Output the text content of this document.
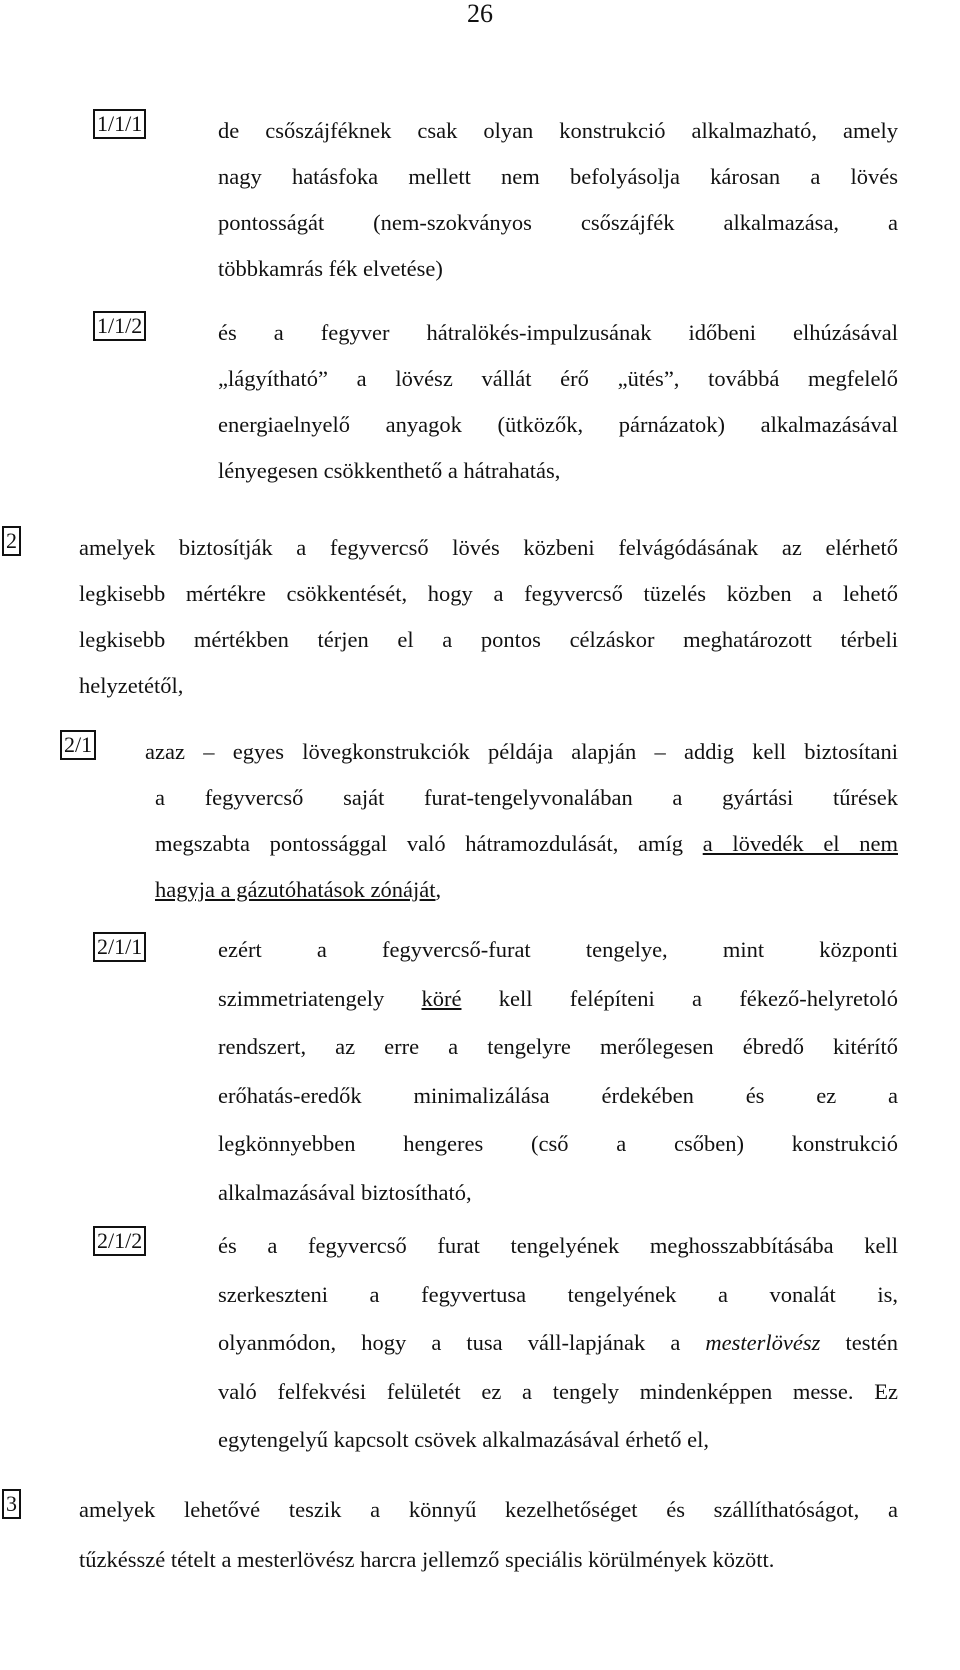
26
1/1/1	de csőszájféknek csak olyan konstrukció alkalmazható, amely
nagy hatásfoka mellett nem befolyásolja károsan a lövés
pontosságát (nem-szokványos csőszájfék alkalmazása, a
többkamrás fék elvetése)
1/1/2	és a fegyver hátralökés-impulzusának időbeni elhúzásával
„lágyítható” a lövész vállát érő „ütés”, továbbá megfelelő
energiaelnyelő anyagok (ütközők, párnázatok) alkalmazásával
lényegesen csökkenthető a hátrahatás,
2	amelyek biztosítják a fegyvercső lövés közbeni felvágódásának az elérhető
legkisebb mértékre csökkentését, hogy a fegyvercső tüzelés közben a lehető
legkisebb mértékben térjen el a pontos célzáskor meghatározott térbeli
helyzetétől,
2/1 azaz – egyes lövegkonstrukciók példája alapján – addig kell biztosítani
a fegyvercső saját furat-tengelyvonalában a gyártási tűrések
megszabta pontossággal való hátramozdulását, amíg a lövedék el nem
hagyja a gázutóhatások zónáját,
2/1/1	ezért a fegyvercső-furat tengelye, mint központi
szimmetriatengely köré kell felépíteni a fékező-helyretoló
rendszert, az erre a tengelyre merőlegesen ébredő kitérítő
erőhatás-eredők minimalizálása érdekében és ez a
legkönnyebben hengeres (cső a csőben) konstrukció
alkalmazásával biztosítható,
2/1/2	és a fegyvercső furat tengelyének meghosszabbításába kell
szerkeszteni a fegyvertusa tengelyének a vonalát is,
olyanmódon, hogy a tusa váll-lapjának a mesterlövész testén
való felfekvési felületét ez a tengely mindenképpen messe. Ez
egytengelyű kapcsolt csövek alkalmazásával érhető el,
3	amelyek lehetővé teszik a könnyű kezelhetőséget és szállíthatóságot, a
tűzkésszé tételt a mesterlövész harcra jellemző speciális körülmények között.
